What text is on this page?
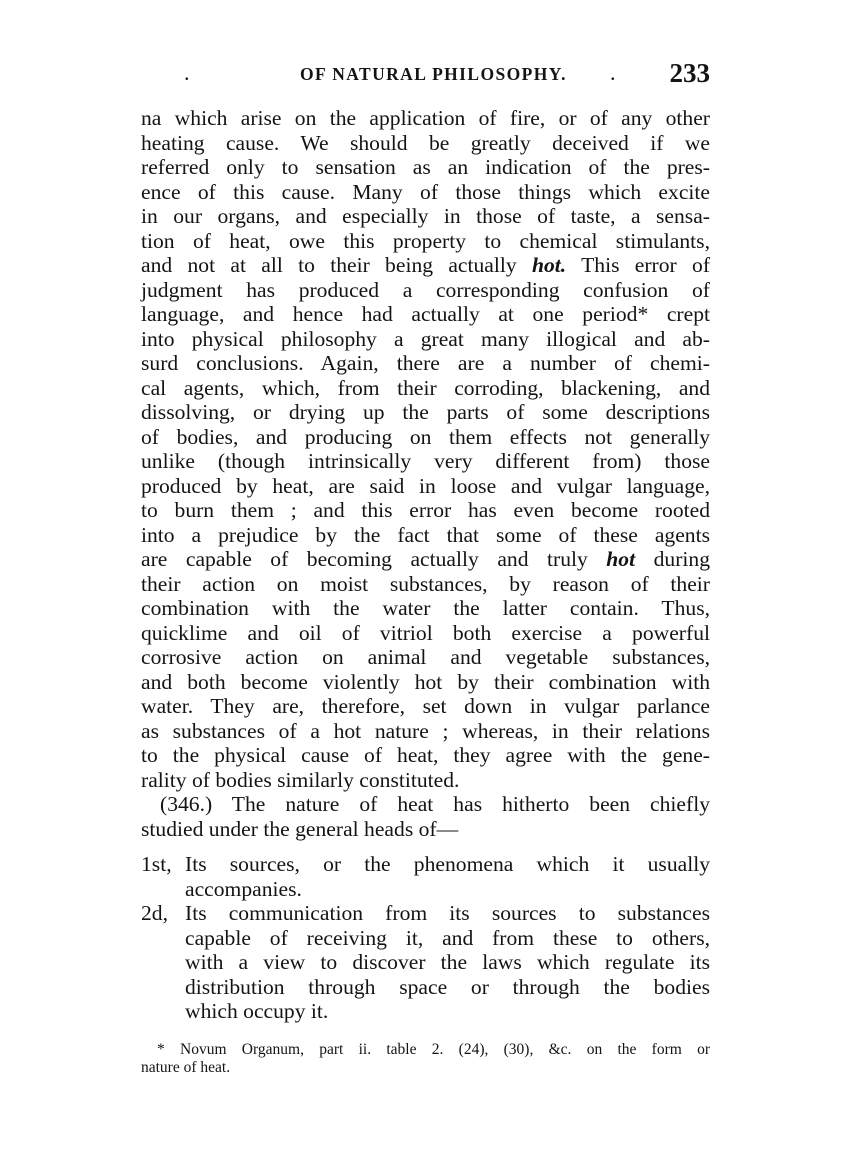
.	OF NATURAL PHILOSOPHY. . 233

na which arise on the application of fire, or of any other

heating cause. We should be greatly deceived if we

referred only to sensation as an indication of the pres-

ence of this cause. Many of those things which excite

in our organs, and especially in those of taste, a sensa-

tion of heat, owe this property to chemical stimulants,

and not at all to their being actually hot. This error of

judgment has produced a corresponding confusion of

language, and hence had actually at one period* crept

into physical philosophy a great many illogical and ab-

surd conclusions. Again, there are a number of chemi-

cal agents, which, from their corroding, blackening, and

dissolving, or drying up the parts of some descriptions

of bodies, and producing on them effects not generally

unlike (though intrinsically very different from) those

produced by heat, are said in loose and vulgar language,

to burn them ; and this error has even become rooted

into a prejudice by the fact that some of these agents

are capable of becoming actually and truly hot during

their action on moist substances, by reason of their

combination with the water the latter contain. Thus,

quicklime and oil of vitriol both exercise a powerful

corrosive action on animal and vegetable substances,

and both become violently hot by their combination with

water. They are, therefore, set down in vulgar parlance

as substances of a hot nature ; whereas, in their relations

to the physical cause of heat, they agree with the gene-

rality of bodies similarly constituted.

(346.) The nature of heat has hitherto been chiefly

studied under the general heads of—

1st, Its sources, or the phenomena which it usually

accompanies.

2d, Its communication from its sources to substances

capable of receiving it, and from these to others,

with a view to discover the laws which regulate its

distribution through space or through the bodies

which occupy it.

* Novum Organum, part ii. table 2. (24), (30), &c. on the form or

nature of heat.
